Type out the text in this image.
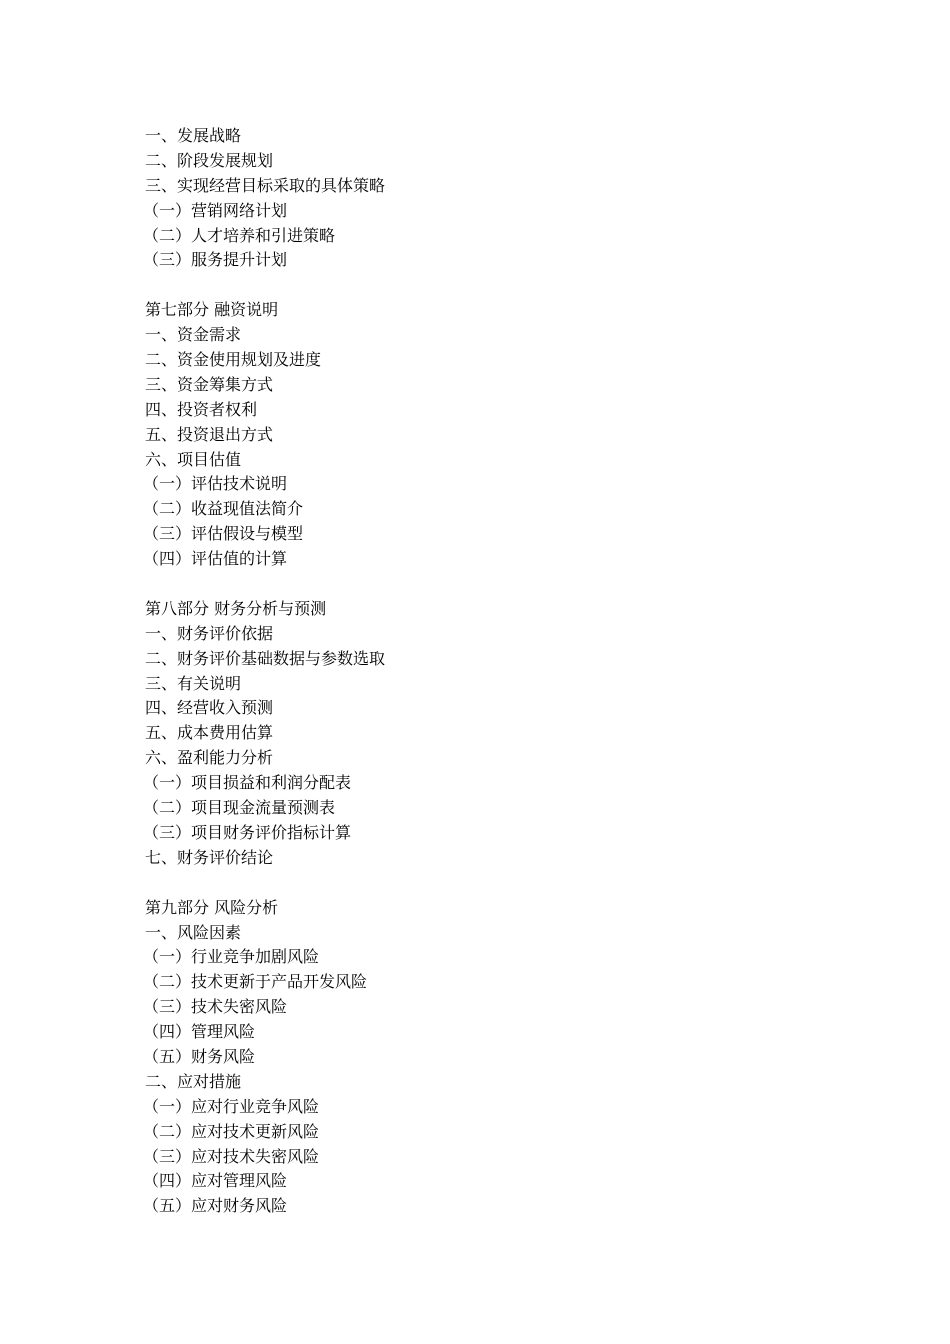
一、发展战略
二、阶段发展规划
三、实现经营目标采取的具体策略
（一）营销网络计划
（二）人才培养和引进策略
（三）服务提升计划
第七部分 融资说明
一、资金需求
二、资金使用规划及进度
三、资金筹集方式
四、投资者权利
五、投资退出方式
六、项目估值
（一）评估技术说明
（二）收益现值法简介
（三）评估假设与模型
（四）评估值的计算
第八部分 财务分析与预测
一、财务评价依据
二、财务评价基础数据与参数选取
三、有关说明
四、经营收入预测
五、成本费用估算
六、盈利能力分析
（一）项目损益和利润分配表
（二）项目现金流量预测表
（三）项目财务评价指标计算
七、财务评价结论
第九部分 风险分析
一、风险因素
（一）行业竞争加剧风险
（二）技术更新于产品开发风险
（三）技术失密风险
（四）管理风险
（五）财务风险
二、应对措施
（一）应对行业竞争风险
（二）应对技术更新风险
（三）应对技术失密风险
（四）应对管理风险
（五）应对财务风险
